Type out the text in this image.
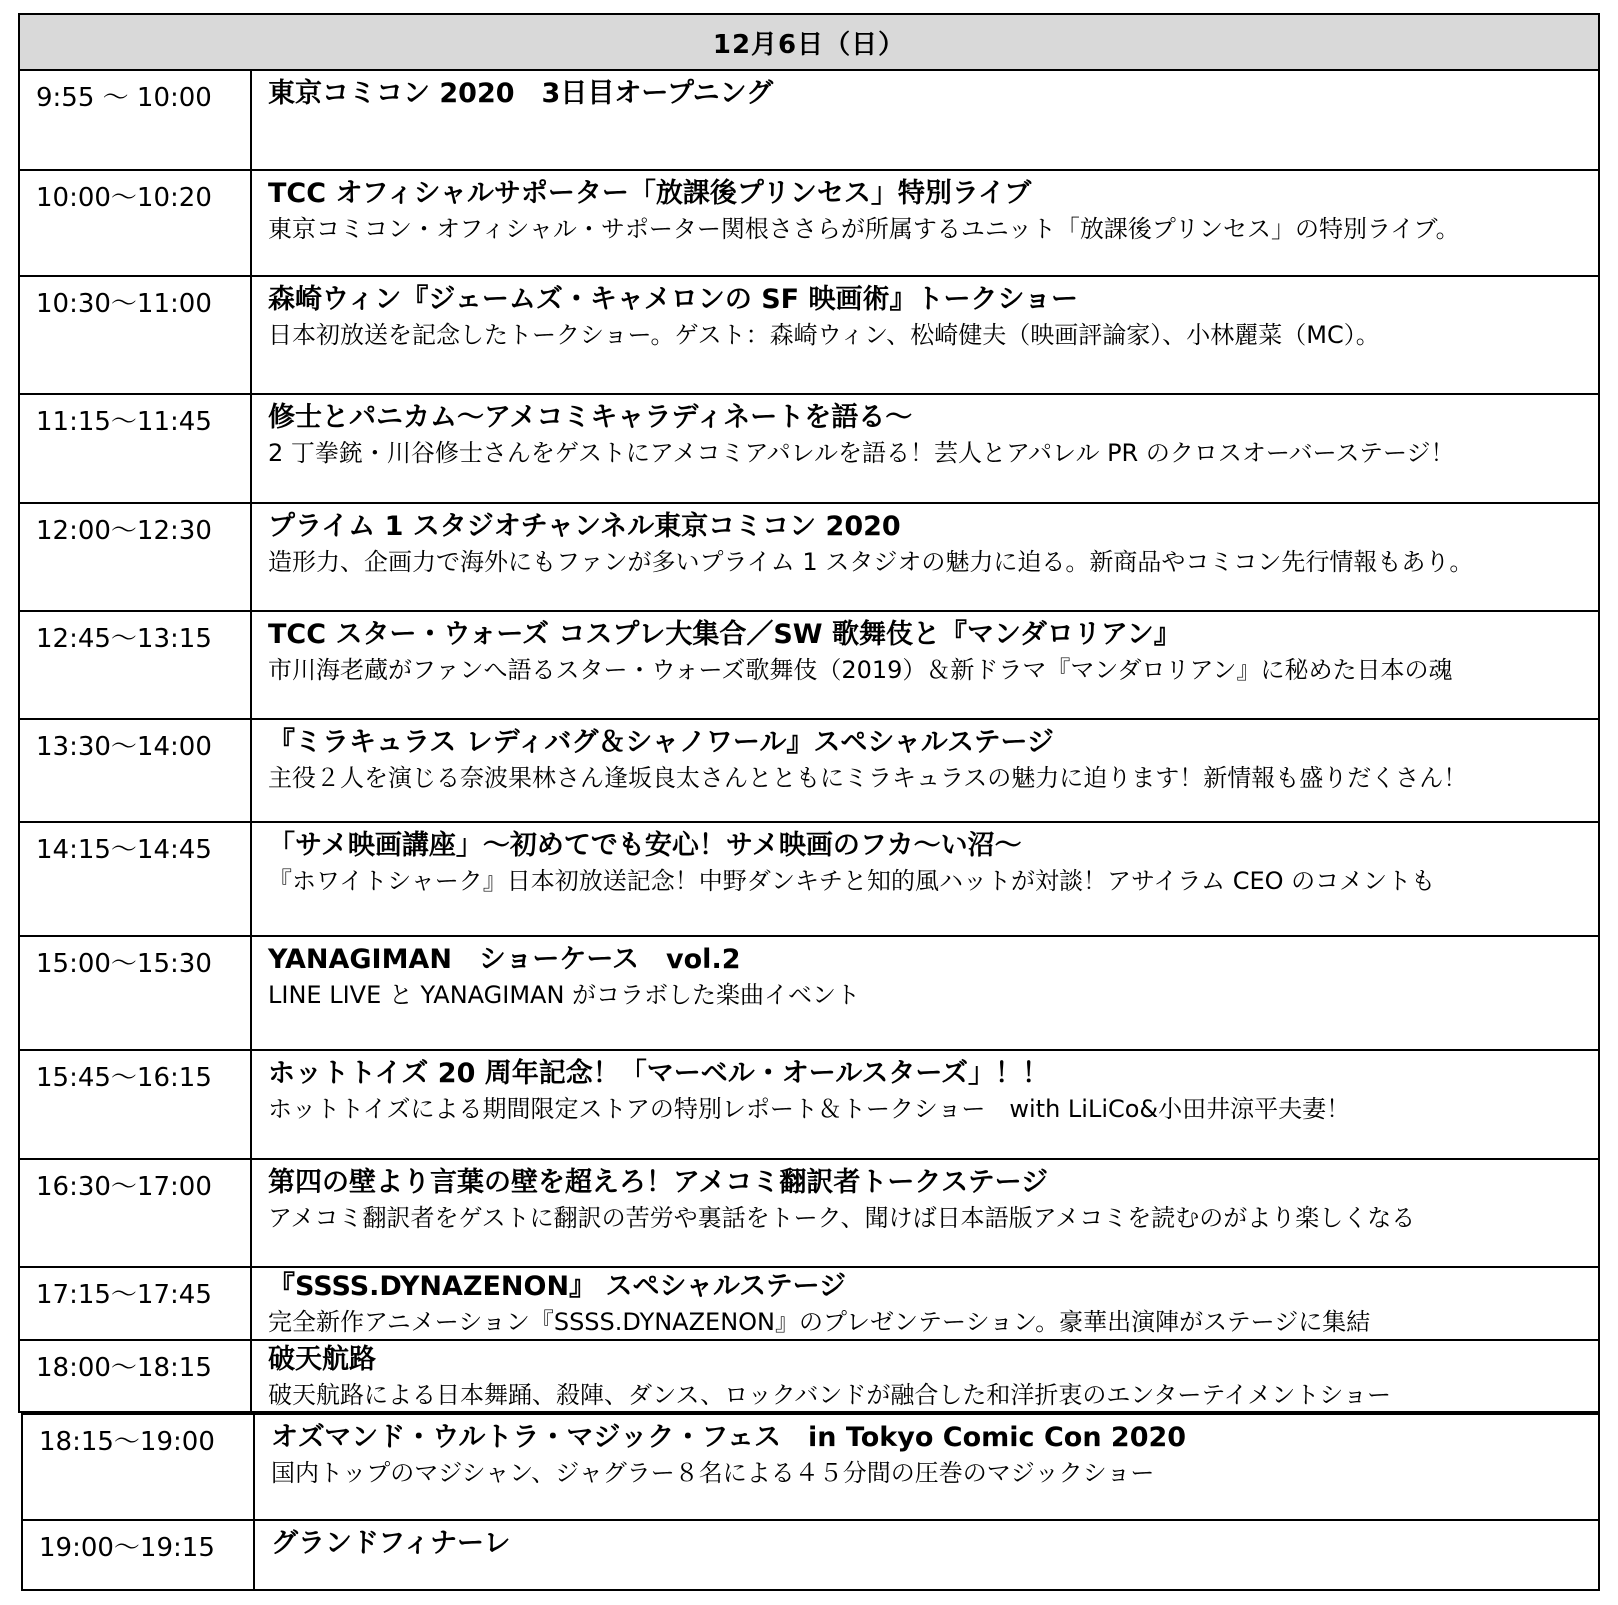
12月6日（日）
9:55 ～ 10:00	東京コミコン 2020　3日目オープニング
10:00～10:20	TCC オフィシャルサポーター「放課後プリンセス」特別ライブ
東京コミコン・オフィシャル・サポーター関根ささらが所属するユニット「放課後プリンセス」の特別ライブ。
10:30～11:00	森崎ウィン『ジェームズ・キャメロンの SF 映画術』トークショー
日本初放送を記念したトークショー。ゲスト：森崎ウィン、松崎健夫（映画評論家）、小林麗菜（MC）。
11:15～11:45	修士とパニカム～アメコミキャラディネートを語る～
2 丁拳銃・川谷修士さんをゲストにアメコミアパレルを語る！芸人とアパレル PR のクロスオーバーステージ！
12:00～12:30	プライム 1 スタジオチャンネル東京コミコン 2020
造形力、企画力で海外にもファンが多いプライム 1 スタジオの魅力に迫る。新商品やコミコン先行情報もあり。
12:45～13:15	TCC スター・ウォーズ コスプレ大集合／SW 歌舞伎と『マンダロリアン』
市川海老蔵がファンへ語るスター・ウォーズ歌舞伎（2019）＆新ドラマ『マンダロリアン』に秘めた日本の魂
13:30～14:00	『ミラキュラス レディバグ＆シャノワール』スペシャルステージ
主役２人を演じる奈波果林さん逢坂良太さんとともにミラキュラスの魅力に迫ります！新情報も盛りだくさん！
14:15～14:45	「サメ映画講座」～初めてでも安心！サメ映画のフカ～い沼～
『ホワイトシャーク』日本初放送記念！中野ダンキチと知的風ハットが対談！アサイラム CEO のコメントも
15:00～15:30	YANAGIMAN　ショーケース　vol.2
LINE LIVE と YANAGIMAN がコラボした楽曲イベント
15:45～16:15	ホットトイズ 20 周年記念！「マーベル・オールスターズ」！！
ホットトイズによる期間限定ストアの特別レポート＆トークショー　with LiLiCo&小田井涼平夫妻！
16:30～17:00	第四の壁より言葉の壁を超えろ！アメコミ翻訳者トークステージ
アメコミ翻訳者をゲストに翻訳の苦労や裏話をトーク、聞けば日本語版アメコミを読むのがより楽しくなる
17:15～17:45	『SSSS.DYNAZENON』 スペシャルステージ
完全新作アニメーション『SSSS.DYNAZENON』のプレゼンテーション。豪華出演陣がステージに集結
18:00～18:15	破天航路
破天航路による日本舞踊、殺陣、ダンス、ロックバンドが融合した和洋折衷のエンターテイメントショー
18:15～19:00	オズマンド・ウルトラ・マジック・フェス　in Tokyo Comic Con 2020
国内トップのマジシャン、ジャグラー８名による４５分間の圧巻のマジックショー
19:00～19:15	グランドフィナーレ
